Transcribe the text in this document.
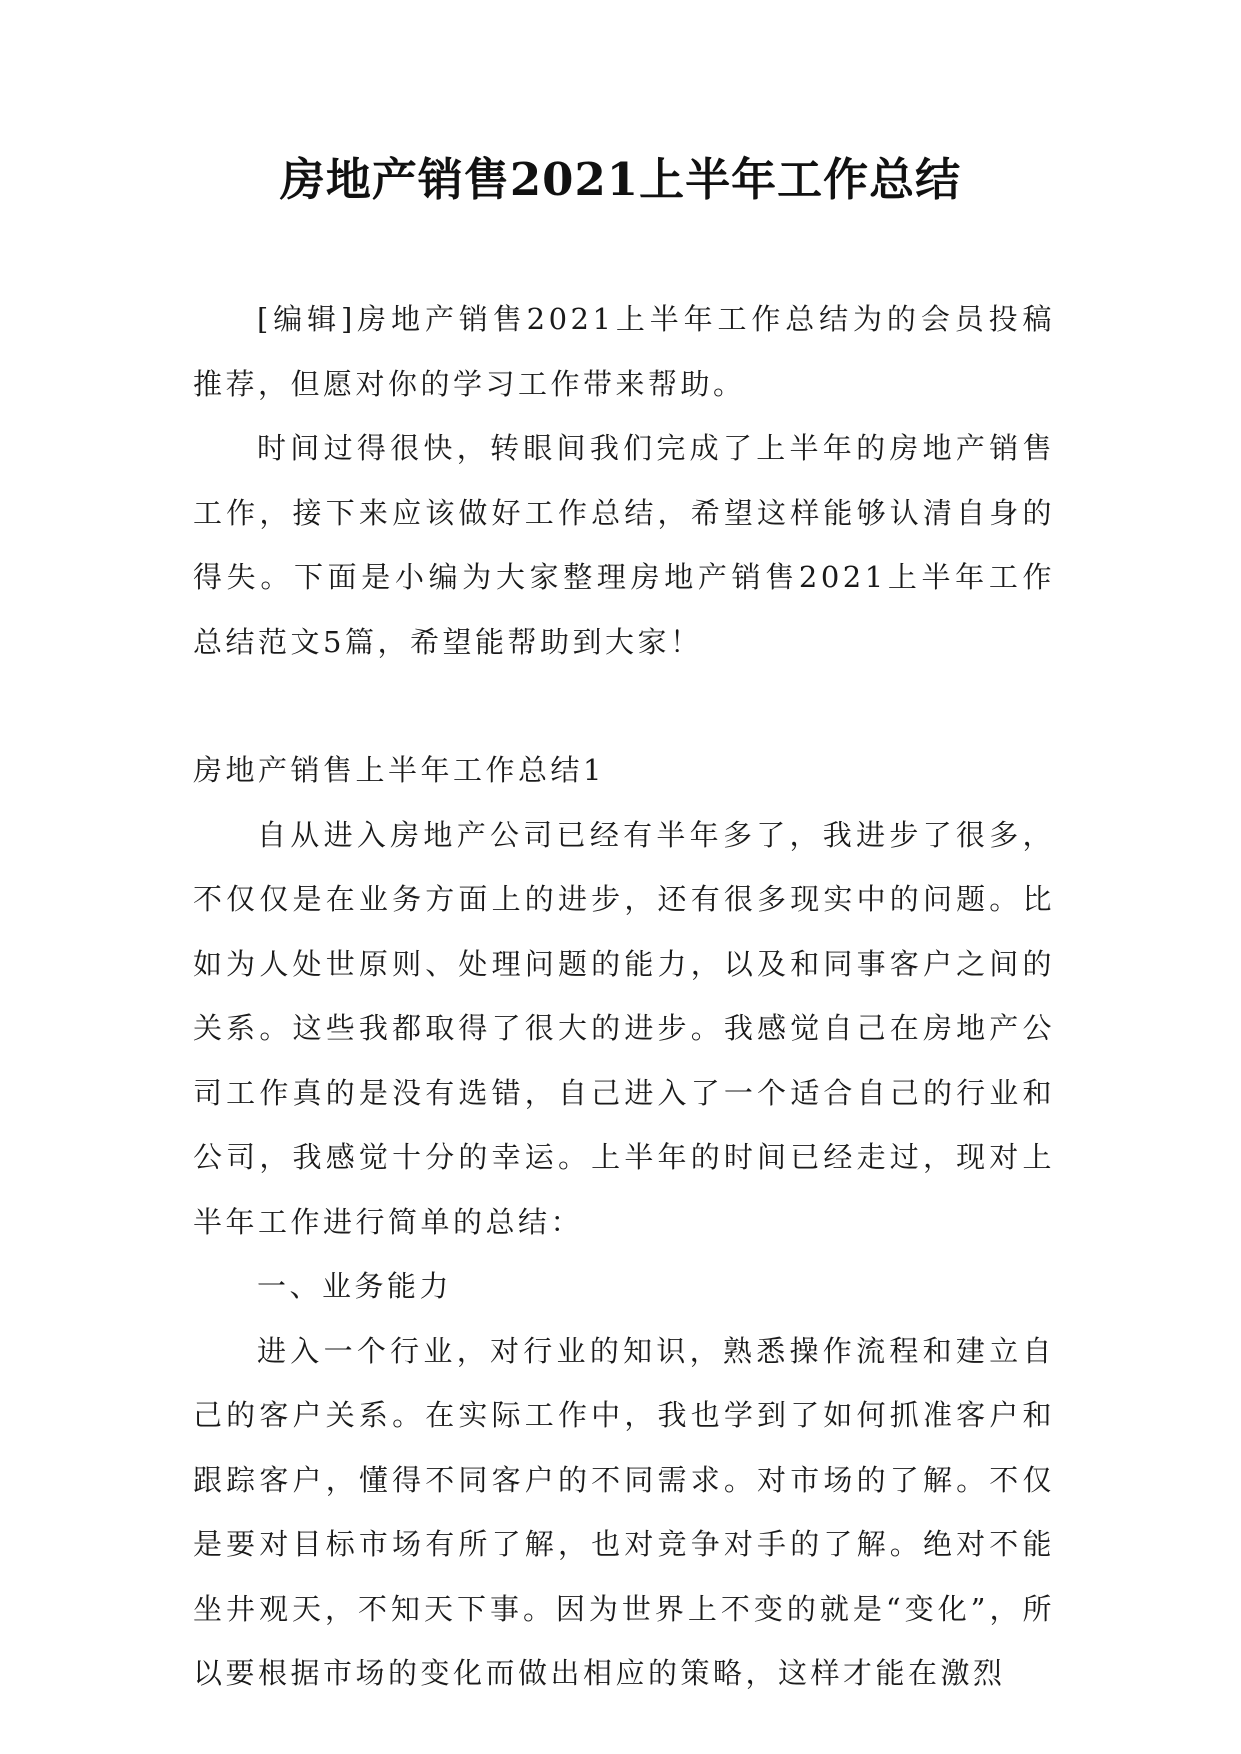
房地产销售2021上半年工作总结

[编辑]房地产销售2021上半年工作总结为的会员投稿推荐，但愿对你的学习工作带来帮助。

时间过得很快，转眼间我们完成了上半年的房地产销售工作，接下来应该做好工作总结，希望这样能够认清自身的得失。下面是小编为大家整理房地产销售2021上半年工作总结范文5篇，希望能帮助到大家！

房地产销售上半年工作总结1

自从进入房地产公司已经有半年多了，我进步了很多，不仅仅是在业务方面上的进步，还有很多现实中的问题。比如为人处世原则、处理问题的能力，以及和同事客户之间的关系。这些我都取得了很大的进步。我感觉自己在房地产公司工作真的是没有选错，自己进入了一个适合自己的行业和公司，我感觉十分的幸运。上半年的时间已经走过，现对上半年工作进行简单的总结：

一、业务能力

进入一个行业，对行业的知识，熟悉操作流程和建立自己的客户关系。在实际工作中，我也学到了如何抓准客户和跟踪客户，懂得不同客户的不同需求。对市场的了解。不仅是要对目标市场有所了解，也对竞争对手的了解。绝对不能坐井观天，不知天下事。因为世界上不变的就是“变化”，所以要根据市场的变化而做出相应的策略，这样才能在激烈
